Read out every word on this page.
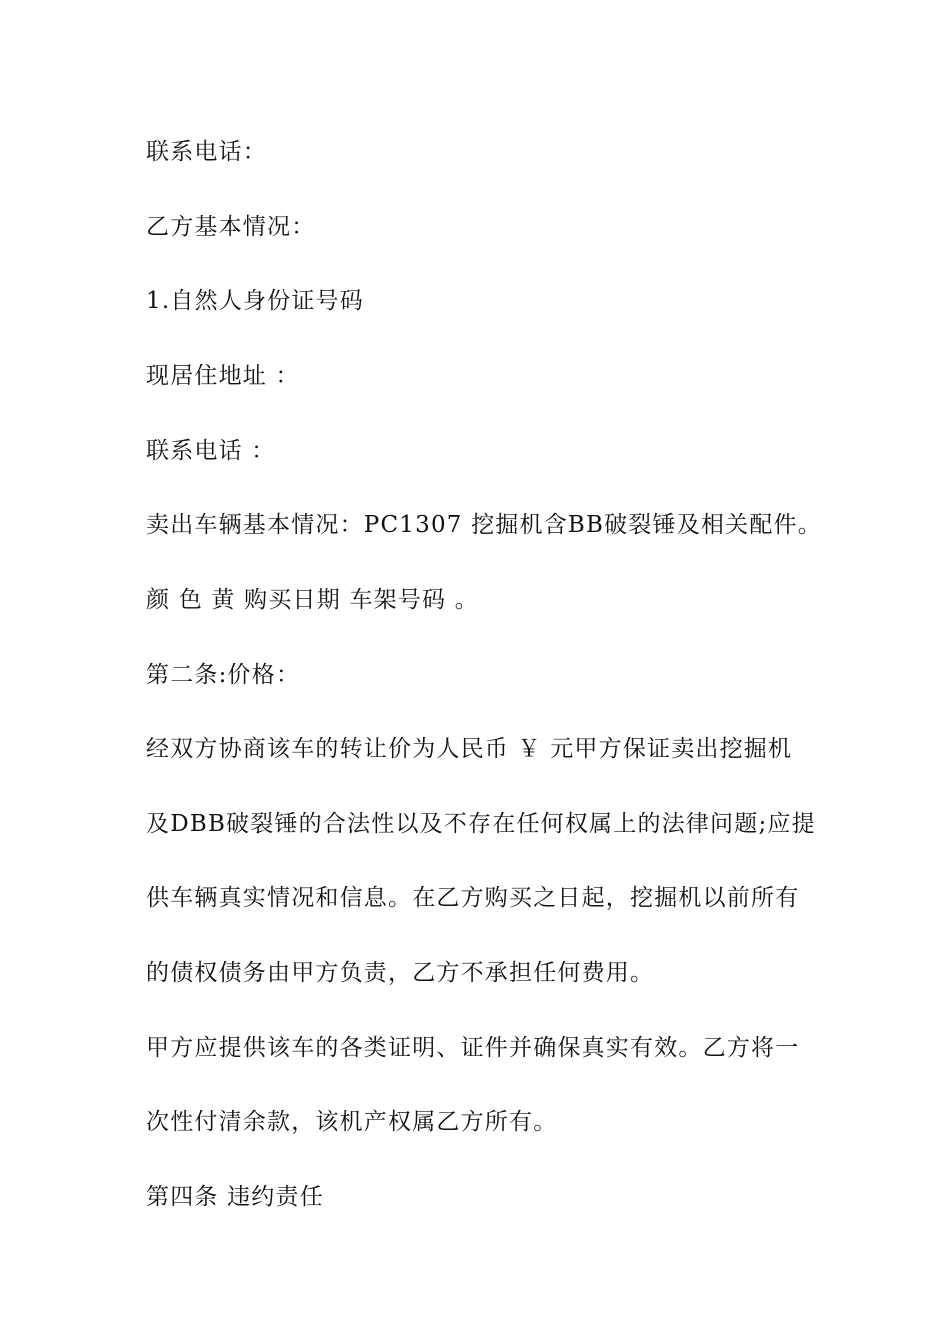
联系电话：
乙方基本情况：
1.自然人身份证号码
现居住地址 ：
联系电话 ：
卖出车辆基本情况：PC1307 挖掘机含BB破裂锤及相关配件。
颜 色 黄 购买日期 车架号码 。
第二条:价格：
经双方协商该车的转让价为人民币 ￥ 元甲方保证卖出挖掘机
及DBB破裂锤的合法性以及不存在任何权属上的法律问题;应提
供车辆真实情况和信息。在乙方购买之日起，挖掘机以前所有
的债权债务由甲方负责，乙方不承担任何费用。
甲方应提供该车的各类证明、证件并确保真实有效。乙方将一
次性付清余款，该机产权属乙方所有。
第四条 违约责任
